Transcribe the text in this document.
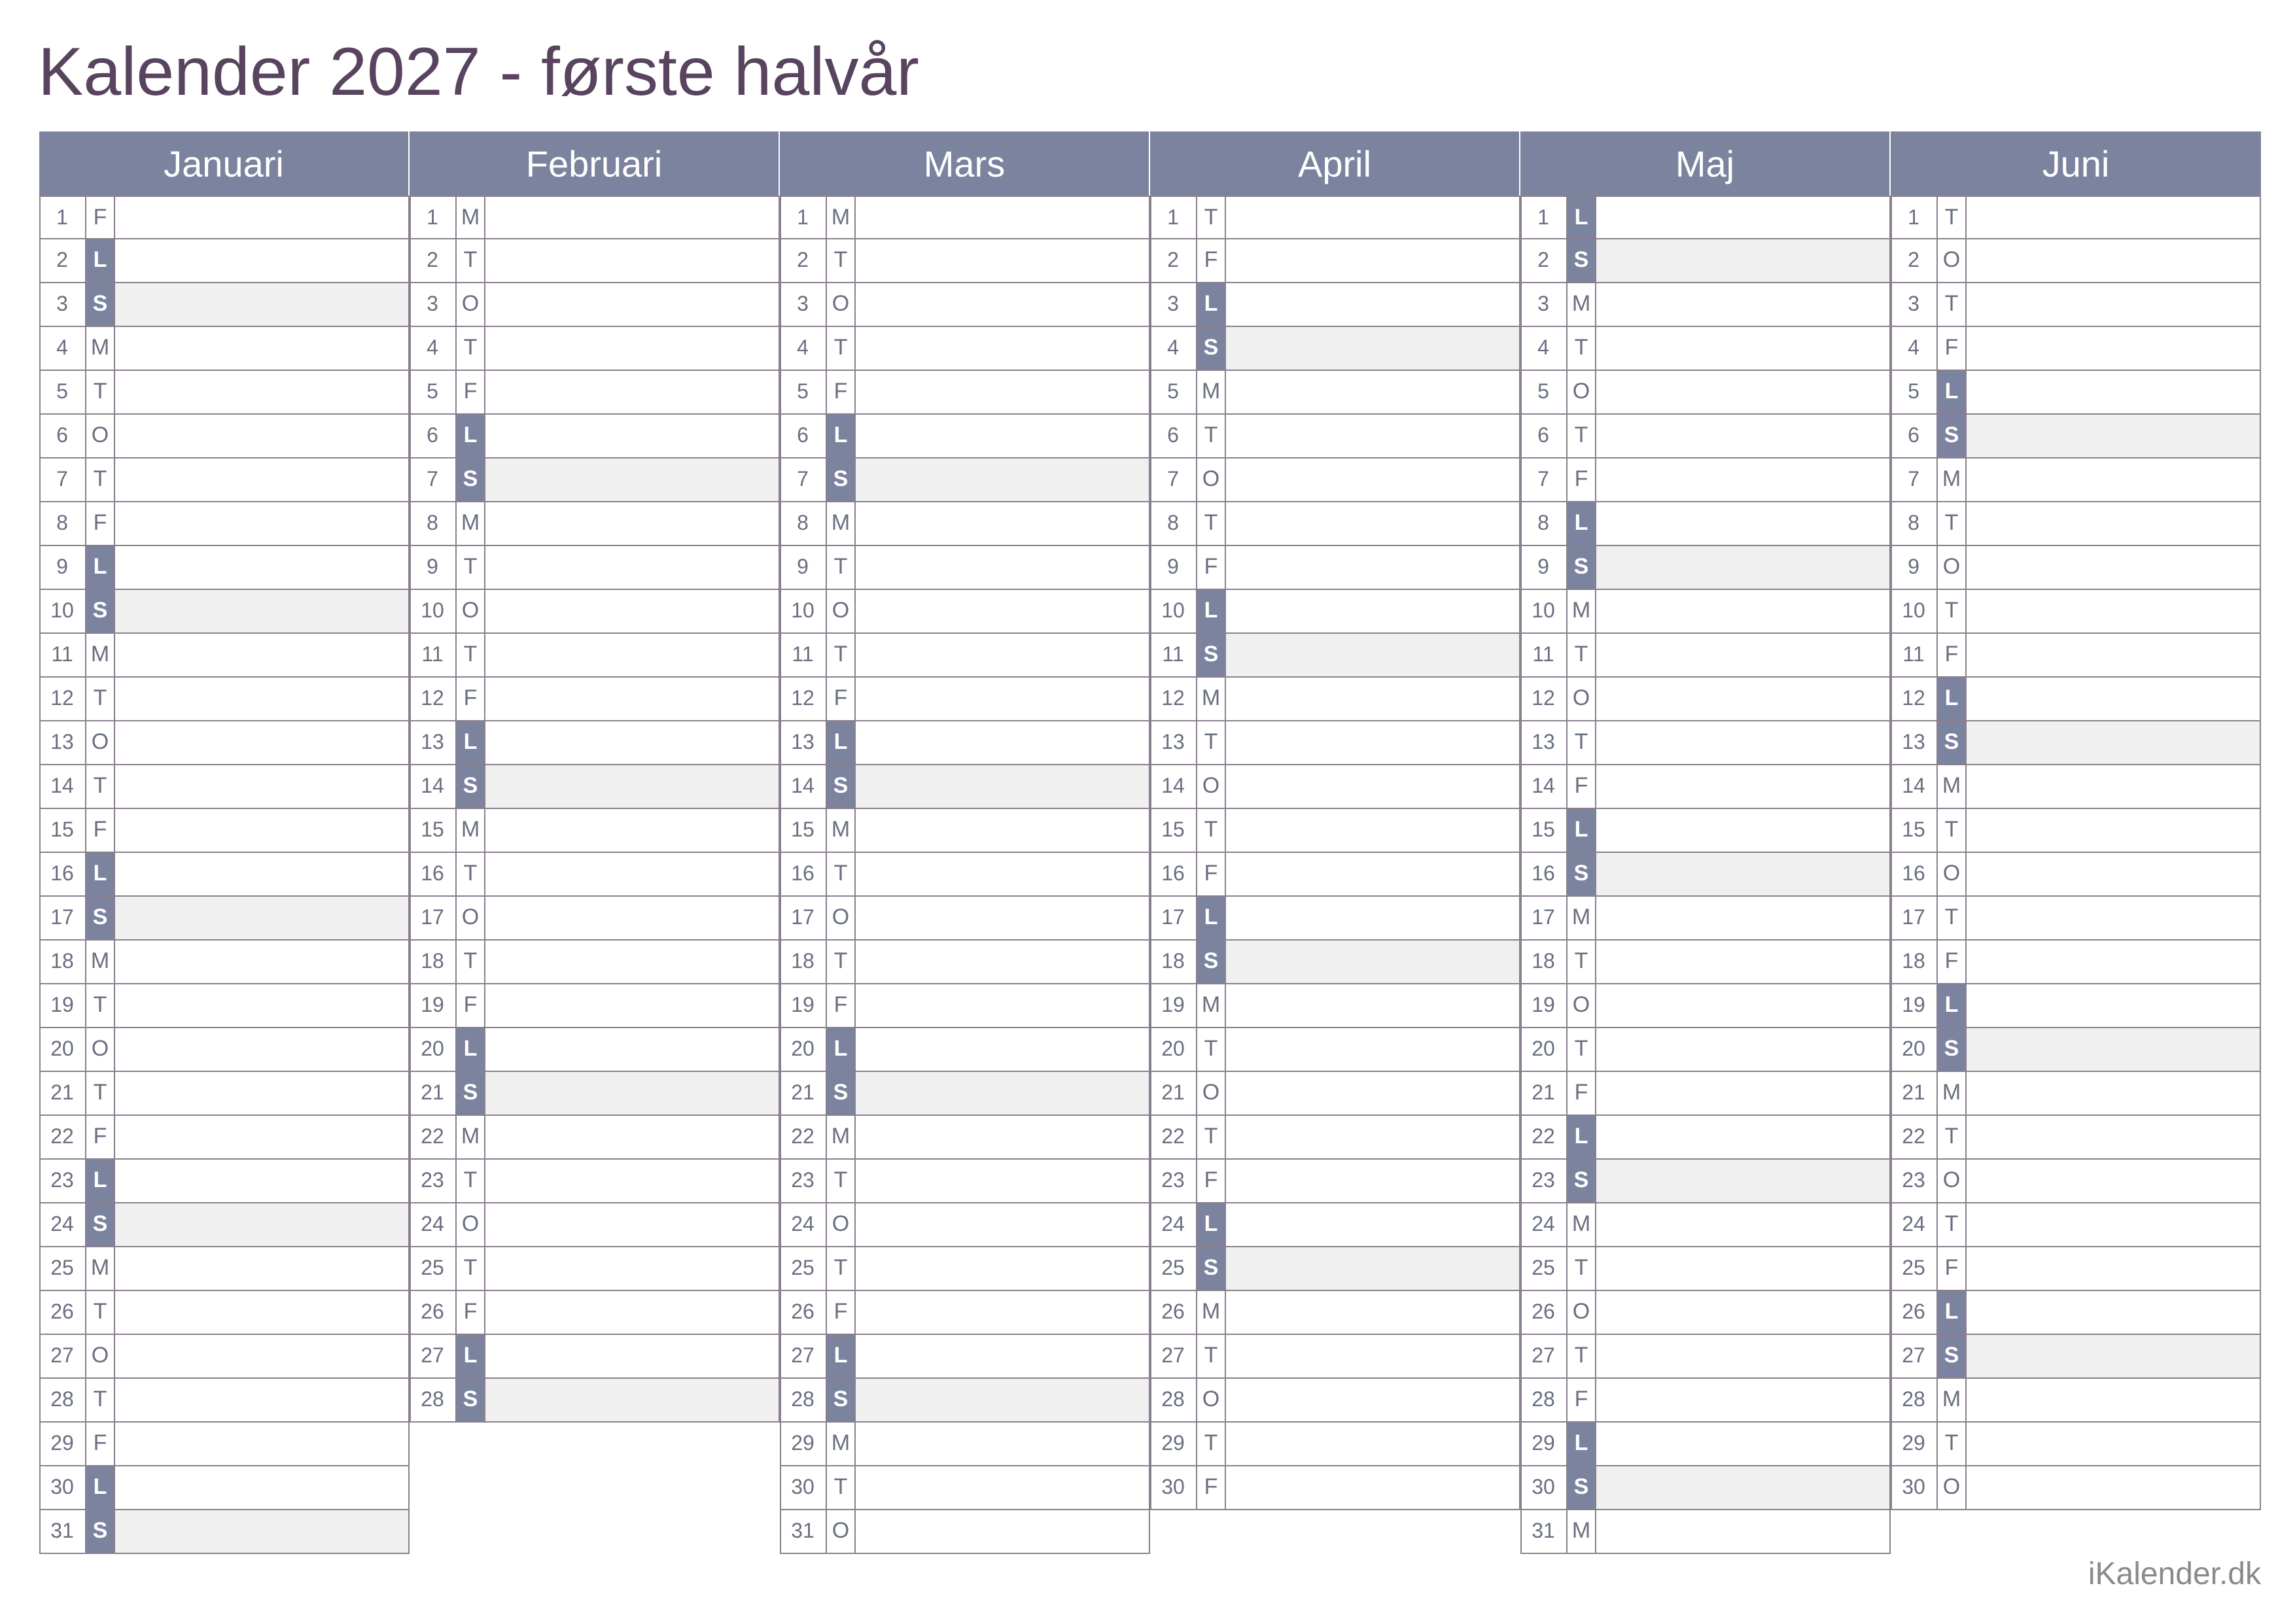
Kalender 2027 - første halvår
Januari
1	F
2	L
3	S
4	M
5	T
6	O
7	T
8	F
9	L
10 S
11 M
12 T
13 O
14 T
15 F
16 L
17 S
18 M
19 T
20 O
21 T
22 F
23 L
24 S
25 M
26 T
27 O
28 T
29 F
30 L
31 S
Februari
1	M
2	T
3	O
4	T
5	F
6	L
7	S
8	M
9	T
10 O
11 T
12 F
13 L
14 S
15 M
16 T
17 O
18 T
19 F
20 L
21 S
22 M
23 T
24 O
25 T
26 F
27 L
28 S
Mars
1	M
2	T
3	O
4	T
5	F
6	L
7	S
8	M
9	T
10 O
11 T
12 F
13 L
14 S
15 M
16 T
17 O
18 T
19 F
20 L
21 S
22 M
23 T
24 O
25 T
26 F
27 L
28 S
29 M
30 T
31 O
April
1	T
2	F
3	L
4	S
5	M
6	T
7	O
8	T
9	F
10 L
11 S
12 M
13 T
14 O
15 T
16 F
17 L
18 S
19 M
20 T
21 O
22 T
23 F
24 L
25 S
26 M
27 T
28 O
29 T
30 F
Maj
1	L
2	S
3	M
4	T
5	O
6	T
7	F
8	L
9	S
10 M
11 T
12 O
13 T
14 F
15 L
16 S
17 M
18 T
19 O
20 T
21 F
22 L
23 S
24 M
25 T
26 O
27 T
28 F
29 L
30 S
31 M
Juni
1	T
2	O
3	T
4	F
5	L
6	S
7	M
8	T
9	O
10 T
11 F
12 L
13 S
14 M
15 T
16 O
17 T
18 F
19 L
20 S
21 M
22 T
23 O
24 T
25 F
26 L
27 S
28 M
29 T
30 O
iKalender.dk
